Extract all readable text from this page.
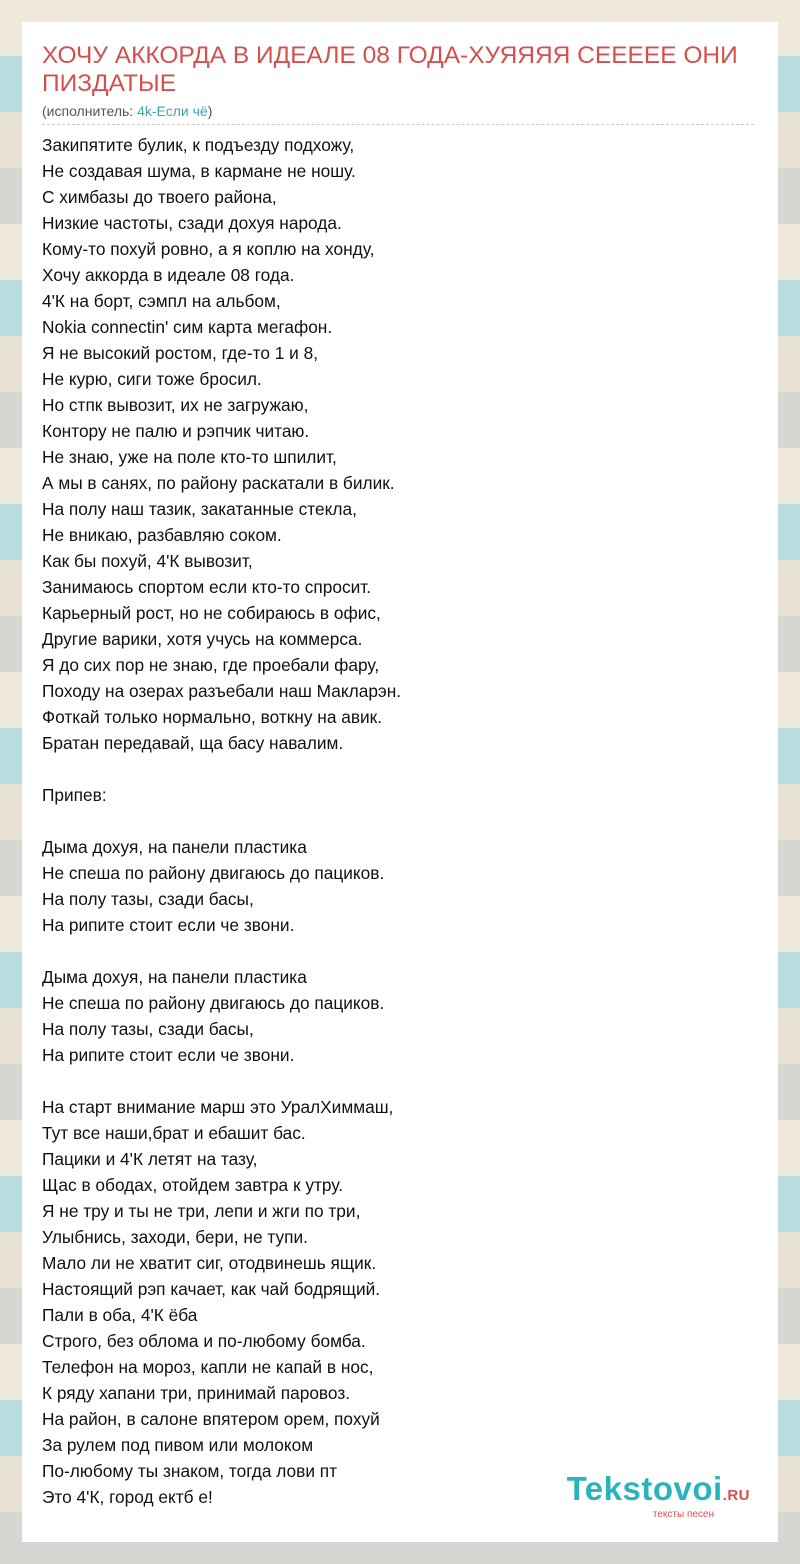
ХОЧУ АККОРДА В ИДЕАЛЕ 08 ГОДА-ХУЯЯЯЯ СЕЕЕЕЕ ОНИ ПИЗДАТЫЕ
(исполнитель: 4k-Если чё)
Закипятите булик, к подъезду подхожу,
Не создавая шума, в кармане не ношу.
С химбазы до твоего района,
Низкие частоты, сзади дохуя народа.
Кому-то похуй ровно, а я коплю на хонду,
Хочу аккорда в идеале 08 года.
4'К на борт, сэмпл на альбом,
Nokia connectin' сим карта мегафон.
Я не высокий ростом, где-то 1 и 8,
Не курю, сиги тоже бросил.
Но стпк вывозит, их не загружаю,
Контору не палю и рэпчик читаю.
Не знаю, уже на поле кто-то шпилит,
А мы в санях, по району раскатали в билик.
На полу наш тазик, закатанные стекла,
Не вникаю, разбавляю соком.
Как бы похуй, 4'К вывозит,
Занимаюсь спортом если кто-то спросит.
Карьерный рост, но не собираюсь в офис,
Другие варики, хотя учусь на коммерса.
Я до сих пор не знаю, где проебали фару,
Походу на озерах разъебали наш Макларэн.
Фоткай только нормально, воткну на авик.
Братан передавай, ща басу навалим.
Припев:
Дыма дохуя, на панели пластика
Не спеша по району двигаюсь до пациков.
На полу тазы, сзади басы,
На рипите стоит если че звони.
Дыма дохуя, на панели пластика
Не спеша по району двигаюсь до пациков.
На полу тазы, сзади басы,
На рипите стоит если че звони.
На старт внимание марш это УралХиммаш,
Тут все наши,брат и ебашит бас.
Пацики и 4'К летят на тазу,
Щас в ободах, отойдем завтра к утру.
Я не тру и ты не три, лепи и жги по три,
Улыбнись, заходи, бери, не тупи.
Мало ли не хватит сиг, отодвинешь ящик.
Настоящий рэп качает, как чай бодрящий.
Пали в оба, 4'К ёба
Строго, без облома и по-любому бомба.
Телефон на мороз, капли не капай в нос,
К ряду хапани три, принимай паровоз.
На район, в салоне впятером орем, похуй
За рулем под пивом или молоком
По-любому ты знаком, тогда лови пт
Это 4'К, город ектб е!	Tekstovoi.RU
тексты песен
